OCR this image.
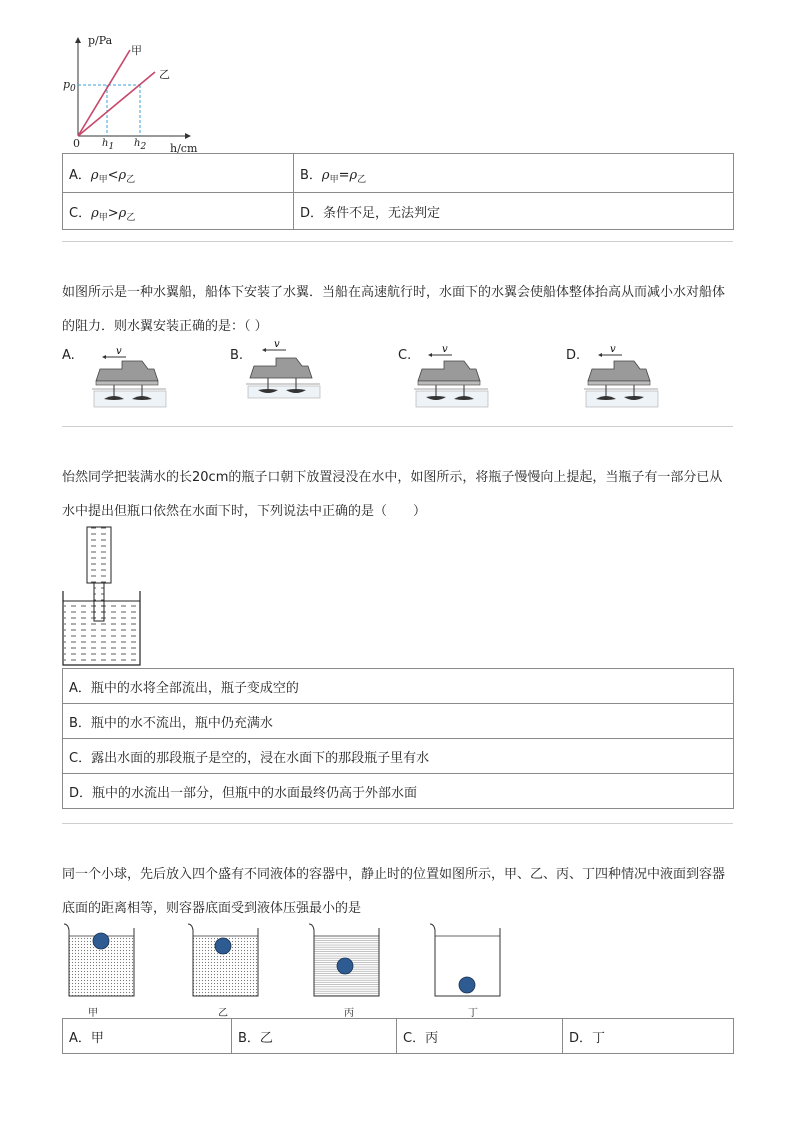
p/Pa
h/cm
0
$p_0$
h1 h2
甲
乙
A．$\rho_甲<\rho_乙$	B．$\rho_甲=\rho_乙$
C．$\rho_甲>\rho_乙$	D．条件不足，无法判定
如图所示是一种水翼船，船体下安装了水翼．当船在高速航行时，水面下的水翼会使船体整体抬高从而减小水对船体的阻力．则水翼安装正确的是：（ ）
A.	B.	C.	D.
v
v	v	v
怡然同学把装满水的长20cm的瓶子口朝下放置浸没在水中，如图所示，将瓶子慢慢向上提起，当瓶子有一部分已从水中提出但瓶口依然在水面下时，下列说法中正确的是（　　）
A．瓶中的水将全部流出，瓶子变成空的
B．瓶中的水不流出，瓶中仍充满水
C．露出水面的那段瓶子是空的，浸在水面下的那段瓶子里有水
D．瓶中的水流出一部分，但瓶中的水面最终仍高于外部水面
同一个小球，先后放入四个盛有不同液体的容器中，静止时的位置如图所示，甲、乙、丙、丁四种情况中液面到容器底面的距离相等，则容器底面受到液体压强最小的是
甲	乙	丙	丁
A．甲	B．乙	C．丙	D．丁
